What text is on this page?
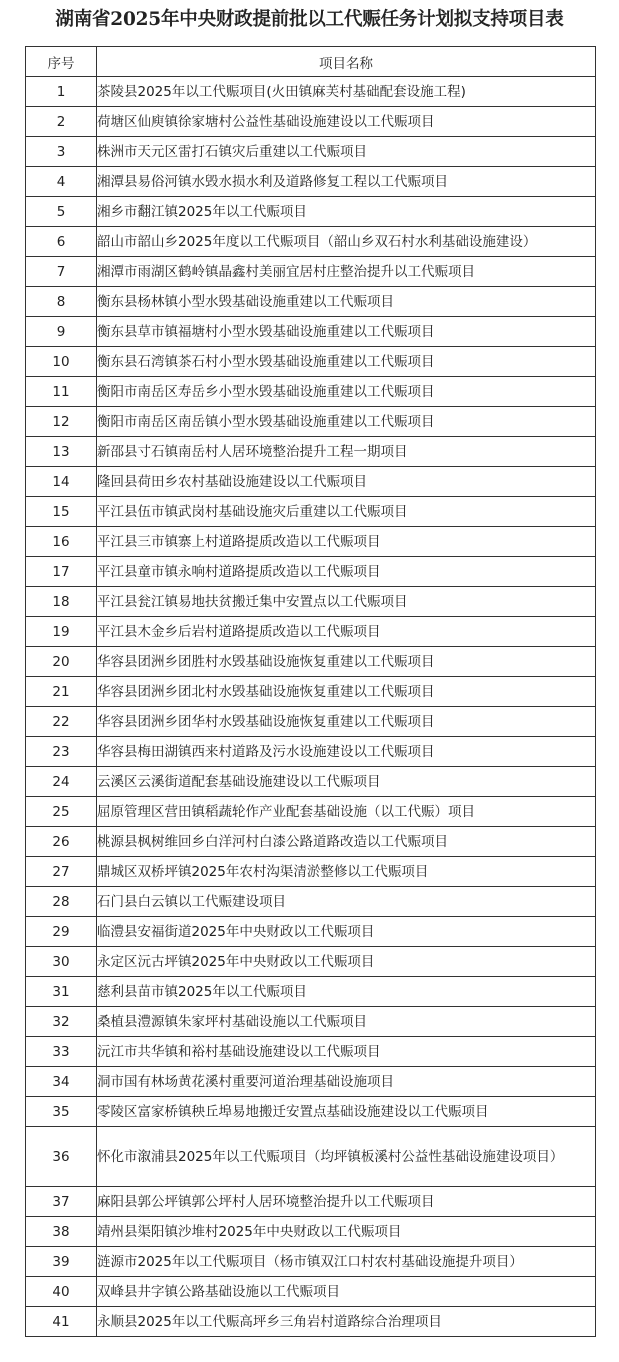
湖南省2025年中央财政提前批以工代赈任务计划拟支持项目表
序号	项目名称
1	茶陵县2025年以工代赈项目(火田镇麻芙村基础配套设施工程)
2	荷塘区仙庾镇徐家塘村公益性基础设施建设以工代赈项目
3	株洲市天元区雷打石镇灾后重建以工代赈项目
4	湘潭县易俗河镇水毁水损水利及道路修复工程以工代赈项目
5	湘乡市翻江镇2025年以工代赈项目
6	韶山市韶山乡2025年度以工代赈项目（韶山乡双石村水利基础设施建设）
7	湘潭市雨湖区鹤岭镇晶鑫村美丽宜居村庄整治提升以工代赈项目
8	衡东县杨林镇小型水毁基础设施重建以工代赈项目
9	衡东县草市镇福塘村小型水毁基础设施重建以工代赈项目
10	衡东县石湾镇茶石村小型水毁基础设施重建以工代赈项目
11	衡阳市南岳区寿岳乡小型水毁基础设施重建以工代赈项目
12	衡阳市南岳区南岳镇小型水毁基础设施重建以工代赈项目
13	新邵县寸石镇南岳村人居环境整治提升工程一期项目
14	隆回县荷田乡农村基础设施建设以工代赈项目
15	平江县伍市镇武岗村基础设施灾后重建以工代赈项目
16	平江县三市镇寨上村道路提质改造以工代赈项目
17	平江县童市镇永响村道路提质改造以工代赈项目
18	平江县瓮江镇易地扶贫搬迁集中安置点以工代赈项目
19	平江县木金乡后岩村道路提质改造以工代赈项目
20	华容县团洲乡团胜村水毁基础设施恢复重建以工代赈项目
21	华容县团洲乡团北村水毁基础设施恢复重建以工代赈项目
22	华容县团洲乡团华村水毁基础设施恢复重建以工代赈项目
23	华容县梅田湖镇西来村道路及污水设施建设以工代赈项目
24	云溪区云溪街道配套基础设施建设以工代赈项目
25	屈原管理区营田镇稻蔬轮作产业配套基础设施（以工代赈）项目
26	桃源县枫树维回乡白洋河村白漆公路道路改造以工代赈项目
27	鼎城区双桥坪镇2025年农村沟渠清淤整修以工代赈项目
28	石门县白云镇以工代赈建设项目
29	临澧县安福街道2025年中央财政以工代赈项目
30	永定区沅古坪镇2025年中央财政以工代赈项目
31	慈利县苗市镇2025年以工代赈项目
32	桑植县澧源镇朱家坪村基础设施以工代赈项目
33	沅江市共华镇和裕村基础设施建设以工代赈项目
34	洞市国有林场黄花溪村重要河道治理基础设施项目
35	零陵区富家桥镇秧丘埠易地搬迁安置点基础设施建设以工代赈项目
36	怀化市溆浦县2025年以工代赈项目（均坪镇板溪村公益性基础设施建设项目）
37	麻阳县郭公坪镇郭公坪村人居环境整治提升以工代赈项目
38	靖州县渠阳镇沙堆村2025年中央财政以工代赈项目
39	涟源市2025年以工代赈项目（杨市镇双江口村农村基础设施提升项目）
40	双峰县井字镇公路基础设施以工代赈项目
41	永顺县2025年以工代赈高坪乡三角岩村道路综合治理项目
